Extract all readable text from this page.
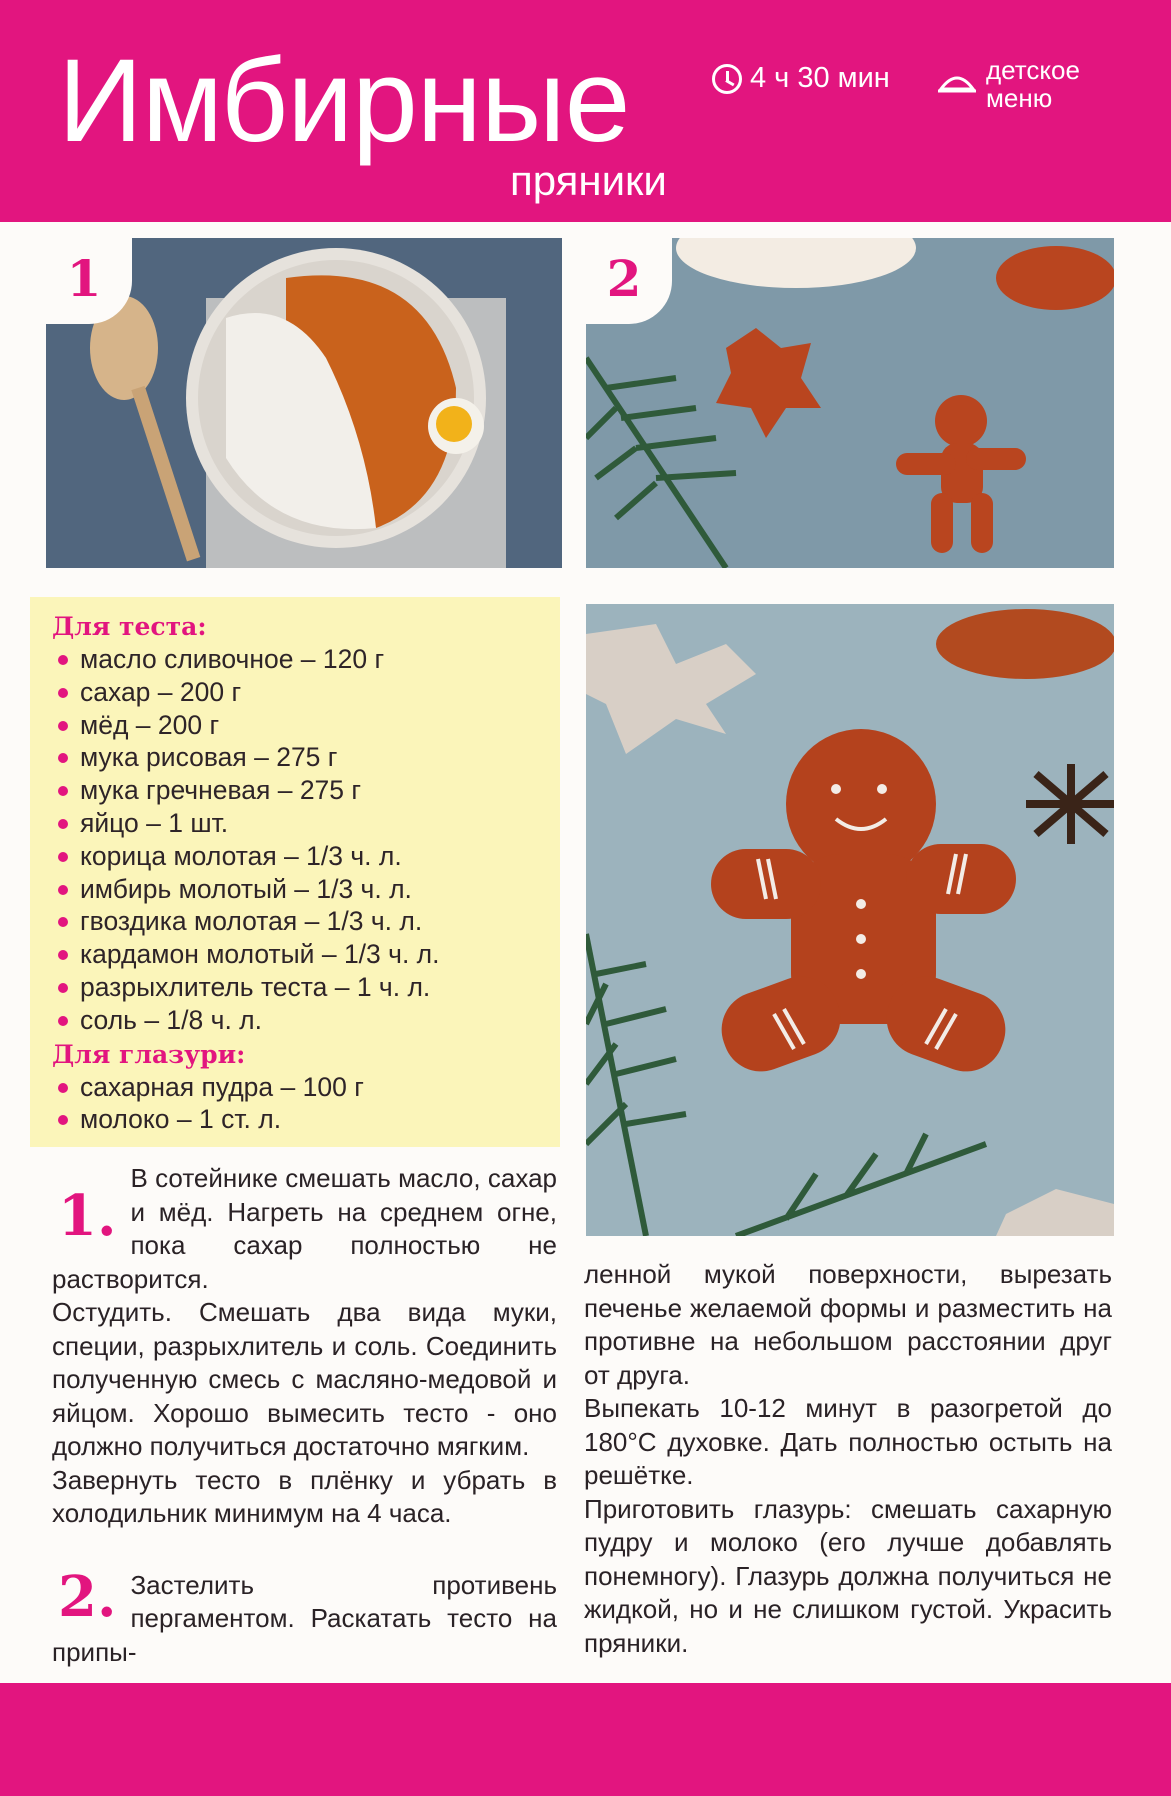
Имбирные
пряники
4 ч 30 мин	детское
меню
1	2
Для теста:
масло сливочное – 120 г
сахар – 200 г
мёд – 200 г
мука рисовая – 275 г
мука гречневая – 275 г
яйцо – 1 шт.
корица молотая – 1/3 ч. л.
имбирь молотый – 1/3 ч. л.
гвоздика молотая – 1/3 ч. л.
кардамон молотый – 1/3 ч. л.
разрыхлитель теста – 1 ч. л.
соль – 1/8 ч. л.
Для глазури:
сахарная пудра – 100 г
молоко – 1 ст. л.
1.

В сотейнике смешать масло, сахар и мёд. Нагреть на среднем огне, пока сахар полностью не растворится.

Остудить. Смешать два вида муки, специи, разрыхлитель и соль. Соединить полученную смесь с масляно-медовой и яйцом. Хорошо вымесить тесто - оно должно получиться достаточно мягким.

Завернуть тесто в плёнку и убрать в холодильник минимум на 4 часа.

2. Застелить противень пергаментом. Раскатать тесто на припы-

ленной мукой поверхности, вырезать печенье желаемой формы и разместить на противне на небольшом расстоянии друг от друга.

Выпекать 10-12 минут в разогретой до 180°С духовке. Дать полностью остыть на решётке.

Приготовить глазурь: смешать сахарную пудру и молоко (его лучше добавлять понемногу). Глазурь должна получиться не жидкой, но и не слишком густой. Украсить пряники.
